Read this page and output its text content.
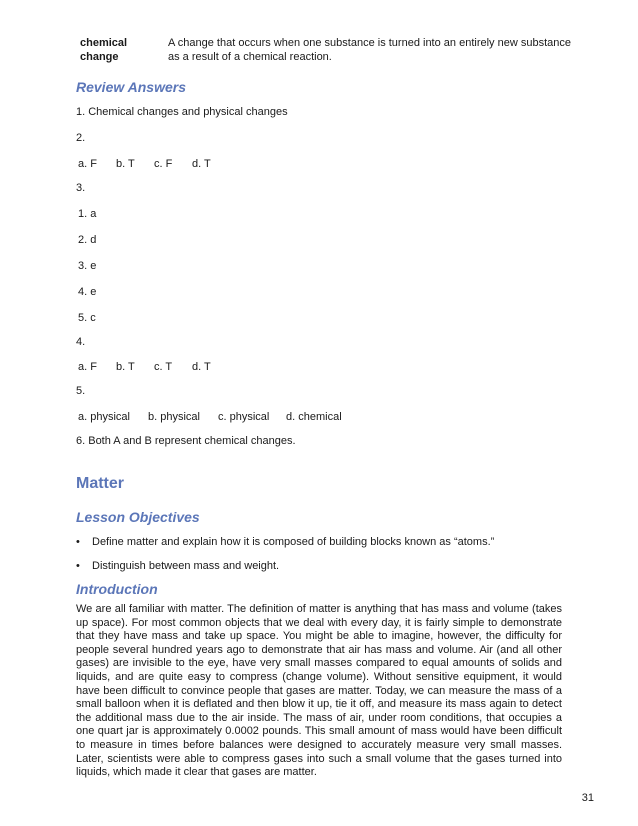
chemical change
A change that occurs when one substance is turned into an entirely new substance as a result of a chemical reaction.
Review Answers
1. Chemical changes and physical changes
2.
a. F	b. T	c. F	d. T
3.
1. a
2. d
3. e
4. e
5. c
4.
a. F	b. T	c. T	d. T
5.
a. physical	b. physical	c. physical	d. chemical
6. Both A and B represent chemical changes.
Matter
Lesson Objectives
• Define matter and explain how it is composed of building blocks known as “atoms.”
• Distinguish between mass and weight.
Introduction
We are all familiar with matter. The definition of matter is anything that has mass and volume (takes up space). For most common objects that we deal with every day, it is fairly simple to demonstrate that they have mass and take up space. You might be able to imagine, however, the difficulty for people several hundred years ago to demonstrate that air has mass and volume. Air (and all other gases) are invisible to the eye, have very small masses compared to equal amounts of solids and liquids, and are quite easy to compress (change volume). Without sensitive equipment, it would have been difficult to convince people that gases are matter. Today, we can measure the mass of a small balloon when it is deflated and then blow it up, tie it off, and measure its mass again to detect the additional mass due to the air inside. The mass of air, under room conditions, that occupies a one quart jar is approximately 0.0002 pounds. This small amount of mass would have been difficult to measure in times before balances were designed to accurately measure very small masses. Later, scientists were able to compress gases into such a small volume that the gases turned into liquids, which made it clear that gases are matter.
31
